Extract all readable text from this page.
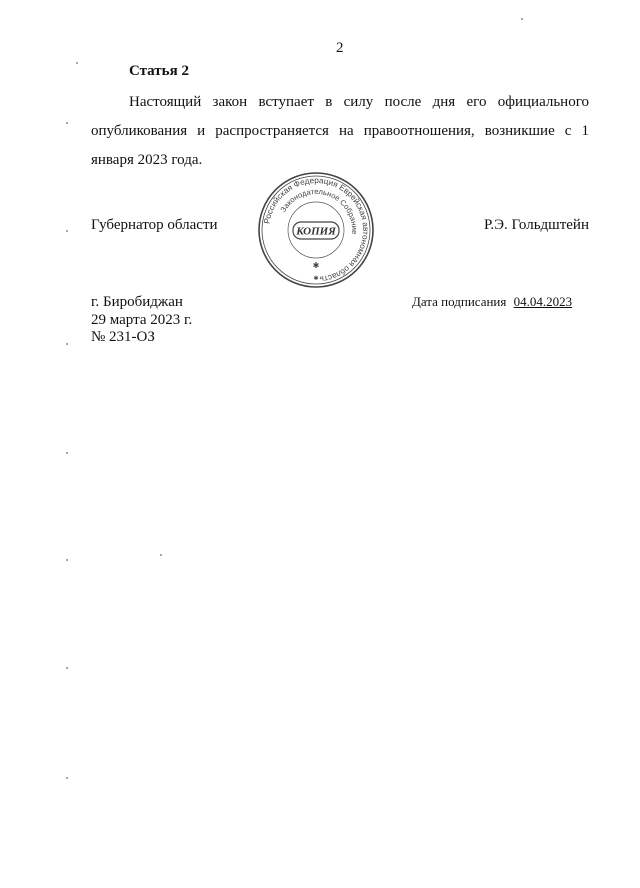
2
Статья 2

Настоящий закон вступает в силу после дня его официального опубликования и распространяется на правоотношения, возникшие с 1 января 2023 года.

Губернатор области	Р.Э. Гольдштейн
Российская Федерация Еврейская автономная область
Законодательное Собрание
КОПИЯ
✱
✱
г. Биробиджан
29 марта 2023 г.
№ 231-ОЗ
Дата подписания 04.04.2023
